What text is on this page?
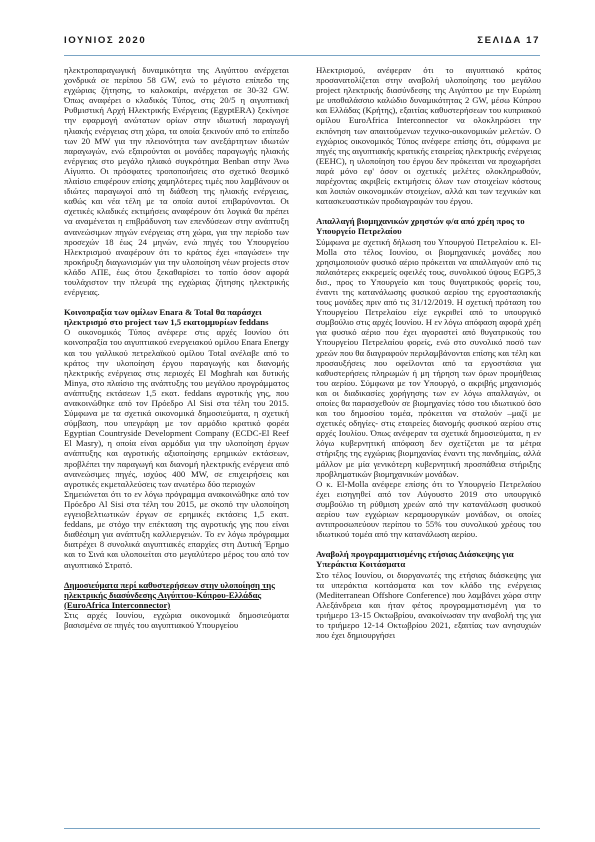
ΙΟΥΝΙΟΣ 2020	ΣΕΛΙΔΑ 17

ηλεκτροπαραγωγική δυναμικότητα της Αιγύπτου ανέρχεται χονδρικά σε περίπου 58 GW, ενώ το μέγιστο επίπεδο της εγχώριας ζήτησης, το καλοκαίρι, ανέρχεται σε 30-32 GW. Όπως αναφέρει ο κλαδικός Τύπος, στις 20/5 η αιγυπτιακή Ρυθμιστική Αρχή Ηλεκτρικής Ενέργειας (EgyptERA) ξεκίνησε την εφαρμογή ανώτατων ορίων στην ιδιωτική παραγωγή ηλιακής ενέργειας στη χώρα, τα οποία ξεκινούν από το επίπεδο των 20 MW για την πλειονότητα των ανεξάρτητων ιδιωτών παραγωγών, ενώ εξαιρούνται οι μονάδες παραγωγής ηλιακής ενέργειας στο μεγάλο ηλιακό συγκρότημα Benban στην Άνω Αίγυπτο. Οι πρόσφατες τροποποιήσεις στο σχετικό θεσμικό πλαίσιο επιφέρουν επίσης χαμηλότερες τιμές που λαμβάνουν οι ιδιώτες παραγωγοί από τη διάθεση της ηλιακής ενέργειας, καθώς και νέα τέλη με τα οποία αυτοί επιβαρύνονται. Οι σχετικές κλαδικές εκτιμήσεις αναφέρουν ότι λογικά θα πρέπει να αναμένεται η επιβράδυνση των επενδύσεων στην ανάπτυξη ανανεώσιμων πηγών ενέργειας στη χώρα, για την περίοδο των προσεχών 18 έως 24 μηνών, ενώ πηγές του Υπουργείου Ηλεκτρισμού αναφέρουν ότι το κράτος έχει «παγώσει» την προκήρυξη διαγωνισμών για την υλοποίηση νέων projects στον κλάδο ΑΠΕ, έως ότου ξεκαθαρίσει το τοπίο όσον αφορά τουλάχιστον την πλευρά της εγχώριας ζήτησης ηλεκτρικής ενέργειας.

Κοινοπραξία των ομίλων Enara & Total θα παράσχει ηλεκτρισμό στο project των 1,5 εκατομμυρίων feddans

Ο οικονομικός Τύπος ανέφερε στις αρχές Ιουνίου ότι κοινοπραξία του αιγυπτιακού ενεργειακού ομίλου Enara Energy και του γαλλικού πετρελαϊκού ομίλου Total ανέλαβε από το κράτος την υλοποίηση έργου παραγωγής και διανομής ηλεκτρικής ενέργειας στις περιοχές El Moghrah και δυτικής Minya, στο πλαίσιο της ανάπτυξης του μεγάλου προγράμματος ανάπτυξης εκτάσεων 1,5 εκατ. feddans αγροτικής γης, που ανακοινώθηκε από τον Πρόεδρο Al Sisi στα τέλη του 2015. Σύμφωνα με τα σχετικά οικονομικά δημοσιεύματα, η σχετική σύμβαση, που υπεγράφη με τον αρμόδιο κρατικό φορέα Egyptian Countryside Development Company (ECDC-El Reef El Masry), η οποία είναι αρμόδια για την υλοποίηση έργων ανάπτυξης και αγροτικής αξιοποίησης ερημικών εκτάσεων, προβλέπει την παραγωγή και διανομή ηλεκτρικής ενέργεια από ανανεώσιμες πηγές, ισχύος 400 MW, σε επιχειρήσεις και αγροτικές εκμεταλλεύσεις των ανωτέρω δύο περιοχών

Σημειώνεται ότι το εν λόγω πρόγραμμα ανακοινώθηκε από τον Πρόεδρο Al Sisi στα τέλη του 2015, με σκοπό την υλοποίηση εγγειοβελτιωτικών έργων σε ερημικές εκτάσεις 1,5 εκατ. feddans, με στόχο την επέκταση της αγροτικής γης που είναι διαθέσιμη για ανάπτυξη καλλιεργειών. Το εν λόγω πρόγραμμα διατρέχει 8 συνολικά αιγυπτιακές επαρχίες στη Δυτική Έρημο και το Σινά και υλοποιείται στο μεγαλύτερο μέρος του από τον αιγυπτιακό Στρατό.

Δημοσιεύματα περί καθυστερήσεων στην υλοποίηση της ηλεκτρικής διασύνδεσης Αιγύπτου-Κύπρου-Ελλάδας (EuroAfrica Interconnector)

Στις αρχές Ιουνίου, εγχώρια οικονομικά δημοσιεύματα βασισμένα σε πηγές του αιγυπτιακού Υπουργείου

Ηλεκτρισμού, ανέφεραν ότι το αιγυπτιακό κράτος προσανατολίζεται στην αναβολή υλοποίησης του μεγάλου project ηλεκτρικής διασύνδεσης της Αιγύπτου με την Ευρώπη με υποθαλάσσιο καλώδιο δυναμικότητας 2 GW, μέσω Κύπρου και Ελλάδας (Κρήτης), εξαιτίας καθυστερήσεων του κυπριακού ομίλου EuroAfrica Interconnector να ολοκληρώσει την εκπόνηση των απαιτούμενων τεχνικο-οικονομικών μελετών. Ο εγχώριος οικονομικός Τύπος ανέφερε επίσης ότι, σύμφωνα με πηγές της αιγυπτιακής κρατικής εταιρείας ηλεκτρικής ενέργειας (EEHC), η υλοποίηση του έργου δεν πρόκειται να προχωρήσει παρά μόνο εφ' όσον οι σχετικές μελέτες ολοκληρωθούν, παρέχοντας ακριβείς εκτιμήσεις όλων των στοιχείων κόστους και λοιπών οικονομικών στοιχείων, αλλά και των τεχνικών και κατασκευαστικών προδιαγραφών του έργου.

Απαλλαγή βιομηχανικών χρηστών φ/α από χρέη προς το Υπουργείο Πετρελαίου

Σύμφωνα με σχετική δήλωση του Υπουργού Πετρελαίου κ. El-Molla στο τέλος Ιουνίου, οι βιομηχανικές μονάδες που χρησιμοποιούν φυσικό αέριο πρόκειται να απαλλαγούν από τις παλαιότερες εκκρεμείς οφειλές τους, συνολικού ύψους EGP5,3 δισ., προς το Υπουργείο και τους θυγατρικούς φορείς του, έναντι της κατανάλωσης φυσικού αερίου της εργοστασιακής τους μονάδες πριν από τις 31/12/2019. Η σχετική πρόταση του Υπουργείου Πετρελαίου είχε εγκριθεί από το υπουργικό συμβούλιο στις αρχές Ιουνίου. Η εν λόγω απόφαση αφορά χρέη για φυσικό αέριο που έχει αγοραστεί από θυγατρικούς του Υπουργείου Πετρελαίου φορείς, ενώ στο συνολικό ποσό των χρεών που θα διαγραφούν περιλαμβάνονται επίσης και τέλη και προσαυξήσεις που οφείλονται από τα εργοστάσια για καθυστερήσεις πληρωμών ή μη τήρηση των όρων προμήθειας του αερίου. Σύμφωνα με τον Υπουργό, ο ακριβής μηχανισμός και οι διαδικασίες χορήγησης των εν λόγω απαλλαγών, οι οποίες θα παρασχεθούν σε βιομηχανίες τόσο του ιδιωτικού όσο και του δημοσίου τομέα, πρόκειται να σταλούν –μαζί με σχετικές οδηγίες- στις εταιρείες διανομής φυσικού αερίου στις αρχές Ιουλίου. Όπως ανέφεραν τα σχετικά δημοσιεύματα, η εν λόγω κυβερνητική απόφαση δεν σχετίζεται με τα μέτρα στήριξης της εγχώριας βιομηχανίας έναντι της πανδημίας, αλλά μάλλον με μία γενικότερη κυβερνητική προσπάθεια στήριξης προβληματικών βιομηχανικών μονάδων.

Ο κ. El-Molla ανέφερε επίσης ότι το Υπουργείο Πετρελαίου έχει εισηγηθεί από τον Αύγουστο 2019 στο υπουργικό συμβούλιο τη ρύθμιση χρεών από την κατανάλωση φυσικού αερίου των εγχώριων κεραμουργικών μονάδων, οι οποίες αντιπροσωπεύουν περίπου το 55% του συνολικού χρέους του ιδιωτικού τομέα από την κατανάλωση αερίου.

Αναβολή προγραμματισμένης ετήσιας Διάσκεψης για Υπεράκτια Κοιτάσματα

Στο τέλος Ιουνίου, οι διοργανωτές της ετήσιας διάσκεψης για τα υπεράκτια κοιτάσματα και τον κλάδο της ενέργειας (Mediterranean Offshore Conference) που λαμβάνει χώρα στην Αλεξάνδρεια και ήταν φέτος προγραμματισμένη για το τριήμερο 13-15 Οκτωβρίου, ανακοίνωσαν την αναβολή της για το τριήμερο 12-14 Οκτωβρίου 2021, εξαιτίας των ανησυχιών που έχει δημιουργήσει
